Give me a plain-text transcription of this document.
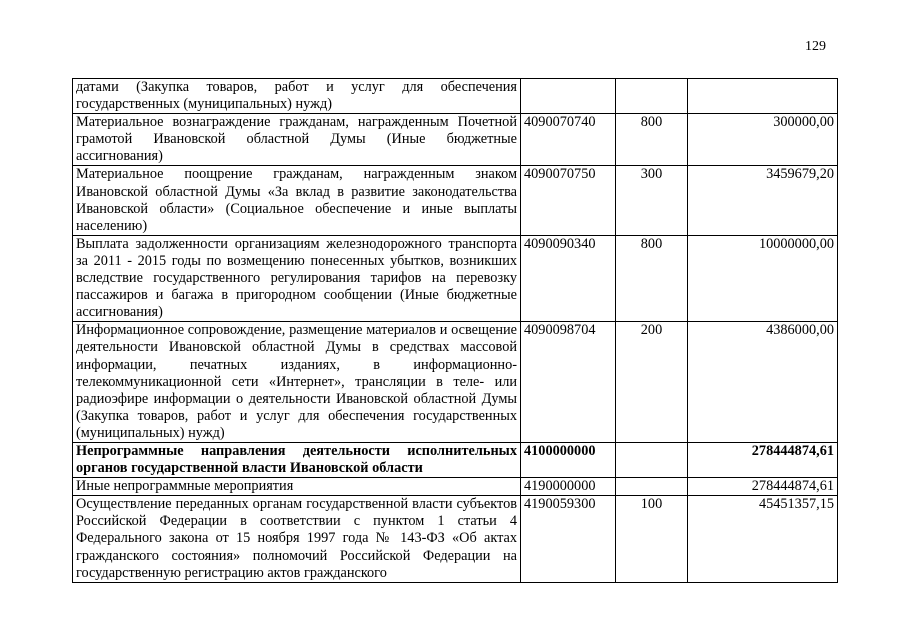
129
датами (Закупка товаров, работ и услуг для обеспечения государственных (муниципальных) нужд)			
Материальное вознаграждение гражданам, награжденным Почетной грамотой Ивановской областной Думы (Иные бюджетные ассигнования)	4090070740	800	300000,00
Материальное поощрение гражданам, награжденным знаком Ивановской областной Думы «За вклад в развитие законодательства Ивановской области» (Социальное обеспечение и иные выплаты населению)	4090070750	300	3459679,20
Выплата задолженности организациям железнодорожного транспорта за 2011 - 2015 годы по возмещению понесенных убытков, возникших вследствие государственного регулирования тарифов на перевозку пассажиров и багажа в пригородном сообщении (Иные бюджетные ассигнования)	4090090340	800	10000000,00
Информационное сопровождение, размещение материалов и освещение деятельности Ивановской областной Думы в средствах массовой информации, печатных изданиях, в информационно-телекоммуникационной сети «Интернет», трансляции в теле- или радиоэфире информации о деятельности Ивановской областной Думы (Закупка товаров, работ и услуг для обеспечения государственных (муниципальных) нужд)	4090098704	200	4386000,00
Непрограммные направления деятельности исполнительных органов государственной власти Ивановской области	4100000000		278444874,61
Иные непрограммные мероприятия	4190000000		278444874,61
Осуществление переданных органам государственной власти субъектов Российской Федерации в соответствии с пунктом 1 статьи 4 Федерального закона от 15 ноября 1997 года № 143-ФЗ «Об актах гражданского состояния» полномочий Российской Федерации на государственную регистрацию актов гражданского	4190059300	100	45451357,15
